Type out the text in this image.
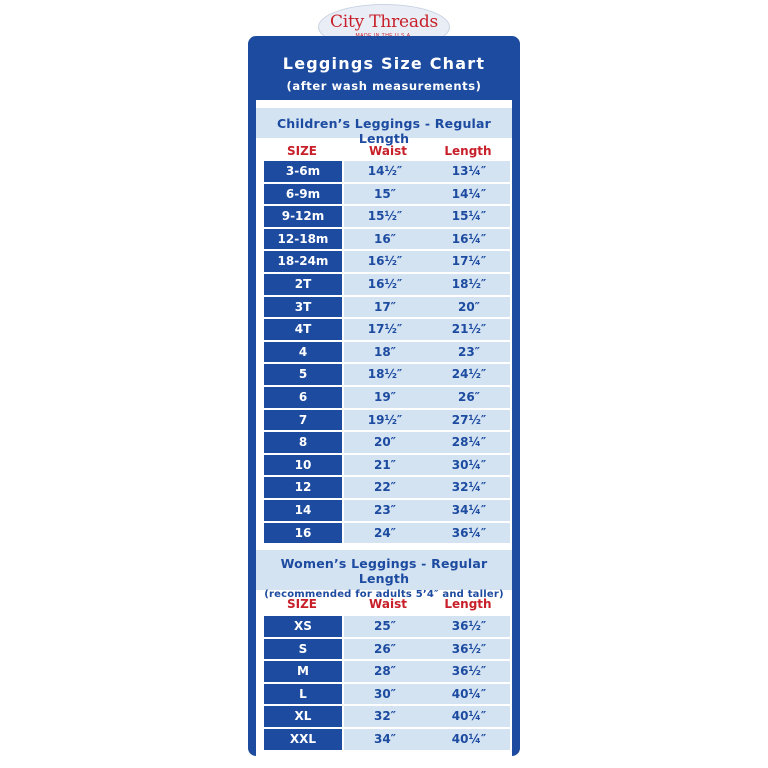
City Threads
Leggings Size Chart
(after wash measurements)
Children’s Leggings - Regular Length
SIZE	Waist	Length
3-6m	14½″	13¼″
6-9m	15″	14¼″
9-12m	15½″	15¼″
12-18m	16″	16¼″
18-24m	16½″	17¼″
2T	16½″	18½″
3T	17″	20″
4T	17½″	21½″
4	18″	23″
5	18½″	24½″
6	19″	26″
7	19½″	27½″
8	20″	28¼″
10	21″	30¼″
12	22″	32¼″
14	23″	34¼″
16	24″	36¼″
Women’s Leggings - Regular Length
(recommended for adults 5’4″ and taller)
SIZE	Waist	Length
XS	25″	36½″
S	26″	36½″
M	28″	36½″
L	30″	40¼″
XL	32″	40¼″
XXL	34″	40¼″
